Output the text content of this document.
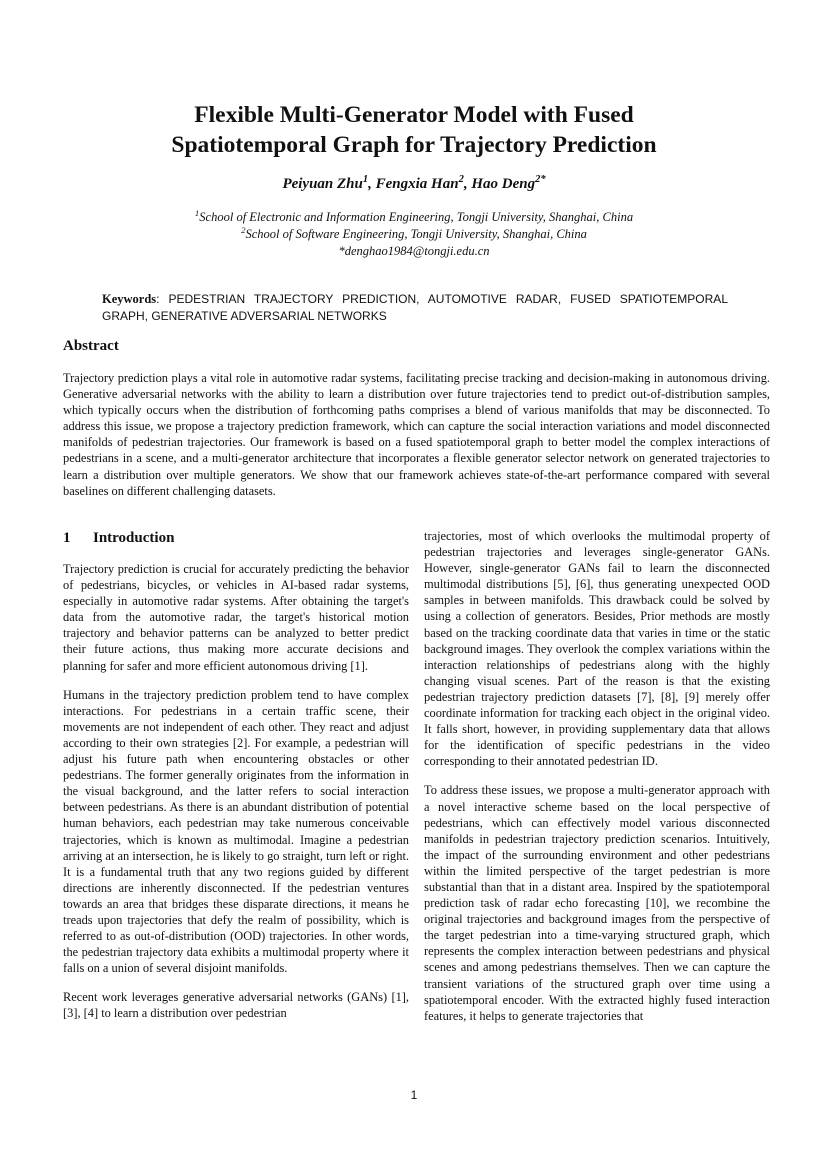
Flexible Multi-Generator Model with Fused
Spatiotemporal Graph for Trajectory Prediction
Peiyuan Zhu$^1$, Fengxia Han$^2$, Hao Deng$^{2*}$
$^1$School of Electronic and Information Engineering, Tongji University, Shanghai, China
$^2$School of Software Engineering, Tongji University, Shanghai, China
*denghao1984@tongji.edu.cn
Keywords: PEDESTRIAN TRAJECTORY PREDICTION, AUTOMOTIVE RADAR, FUSED SPATIOTEMPORAL GRAPH, GENERATIVE ADVERSARIAL NETWORKS
Abstract

Trajectory prediction plays a vital role in automotive radar systems, facilitating precise tracking and decision-making in autonomous driving. Generative adversarial networks with the ability to learn a distribution over future trajectories tend to predict out-of-distribution samples, which typically occurs when the distribution of forthcoming paths comprises a blend of various manifolds that may be disconnected. To address this issue, we propose a trajectory prediction framework, which can capture the social interaction variations and model disconnected manifolds of pedestrian trajectories. Our framework is based on a fused spatiotemporal graph to better model the complex interactions of pedestrians in a scene, and a multi-generator architecture that incorporates a flexible generator selector network on generated trajectories to learn a distribution over multiple generators. We show that our framework achieves state-of-the-art performance compared with several baselines on different challenging datasets.

1 Introduction

Trajectory prediction is crucial for accurately predicting the behavior of pedestrians, bicycles, or vehicles in AI-based radar systems, especially in automotive radar systems. After obtaining the target's data from the automotive radar, the target's historical motion trajectory and behavior patterns can be analyzed to better predict their future actions, thus making more accurate decisions and planning for safer and more efficient autonomous driving [1].

Humans in the trajectory prediction problem tend to have complex interactions. For pedestrians in a certain traffic scene, their movements are not independent of each other. They react and adjust according to their own strategies [2]. For example, a pedestrian will adjust his future path when encountering obstacles or other pedestrians. The former generally originates from the information in the visual background, and the latter refers to social interaction between pedestrians. As there is an abundant distribution of potential human behaviors, each pedestrian may take numerous conceivable trajectories, which is known as multimodal. Imagine a pedestrian arriving at an intersection, he is likely to go straight, turn left or right. It is a fundamental truth that any two regions guided by different directions are inherently disconnected. If the pedestrian ventures towards an area that bridges these disparate directions, it means he treads upon trajectories that defy the realm of possibility, which is referred to as out-of-distribution (OOD) trajectories. In other words, the pedestrian trajectory data exhibits a multimodal property where it falls on a union of several disjoint manifolds.

Recent work leverages generative adversarial networks (GANs) [1], [3], [4] to learn a distribution over pedestrian

trajectories, most of which overlooks the multimodal property of pedestrian trajectories and leverages single-generator GANs. However, single-generator GANs fail to learn the disconnected multimodal distributions [5], [6], thus generating unexpected OOD samples in between manifolds. This drawback could be solved by using a collection of generators. Besides, Prior methods are mostly based on the tracking coordinate data that varies in time or the static background images. They overlook the complex variations within the interaction relationships of pedestrians along with the highly changing visual scenes. Part of the reason is that the existing pedestrian trajectory prediction datasets [7], [8], [9] merely offer coordinate information for tracking each object in the original video. It falls short, however, in providing supplementary data that allows for the identification of specific pedestrians in the video corresponding to their annotated pedestrian ID.

To address these issues, we propose a multi-generator approach with a novel interactive scheme based on the local perspective of pedestrians, which can effectively model various disconnected manifolds in pedestrian trajectory prediction scenarios. Intuitively, the impact of the surrounding environment and other pedestrians within the limited perspective of the target pedestrian is more substantial than that in a distant area. Inspired by the spatiotemporal prediction task of radar echo forecasting [10], we recombine the original trajectories and background images from the perspective of the target pedestrian into a time-varying structured graph, which represents the complex interaction between pedestrians and physical scenes and among pedestrians themselves. Then we can capture the transient variations of the structured graph over time using a spatiotemporal encoder. With the extracted highly fused interaction features, it helps to generate trajectories that

1
